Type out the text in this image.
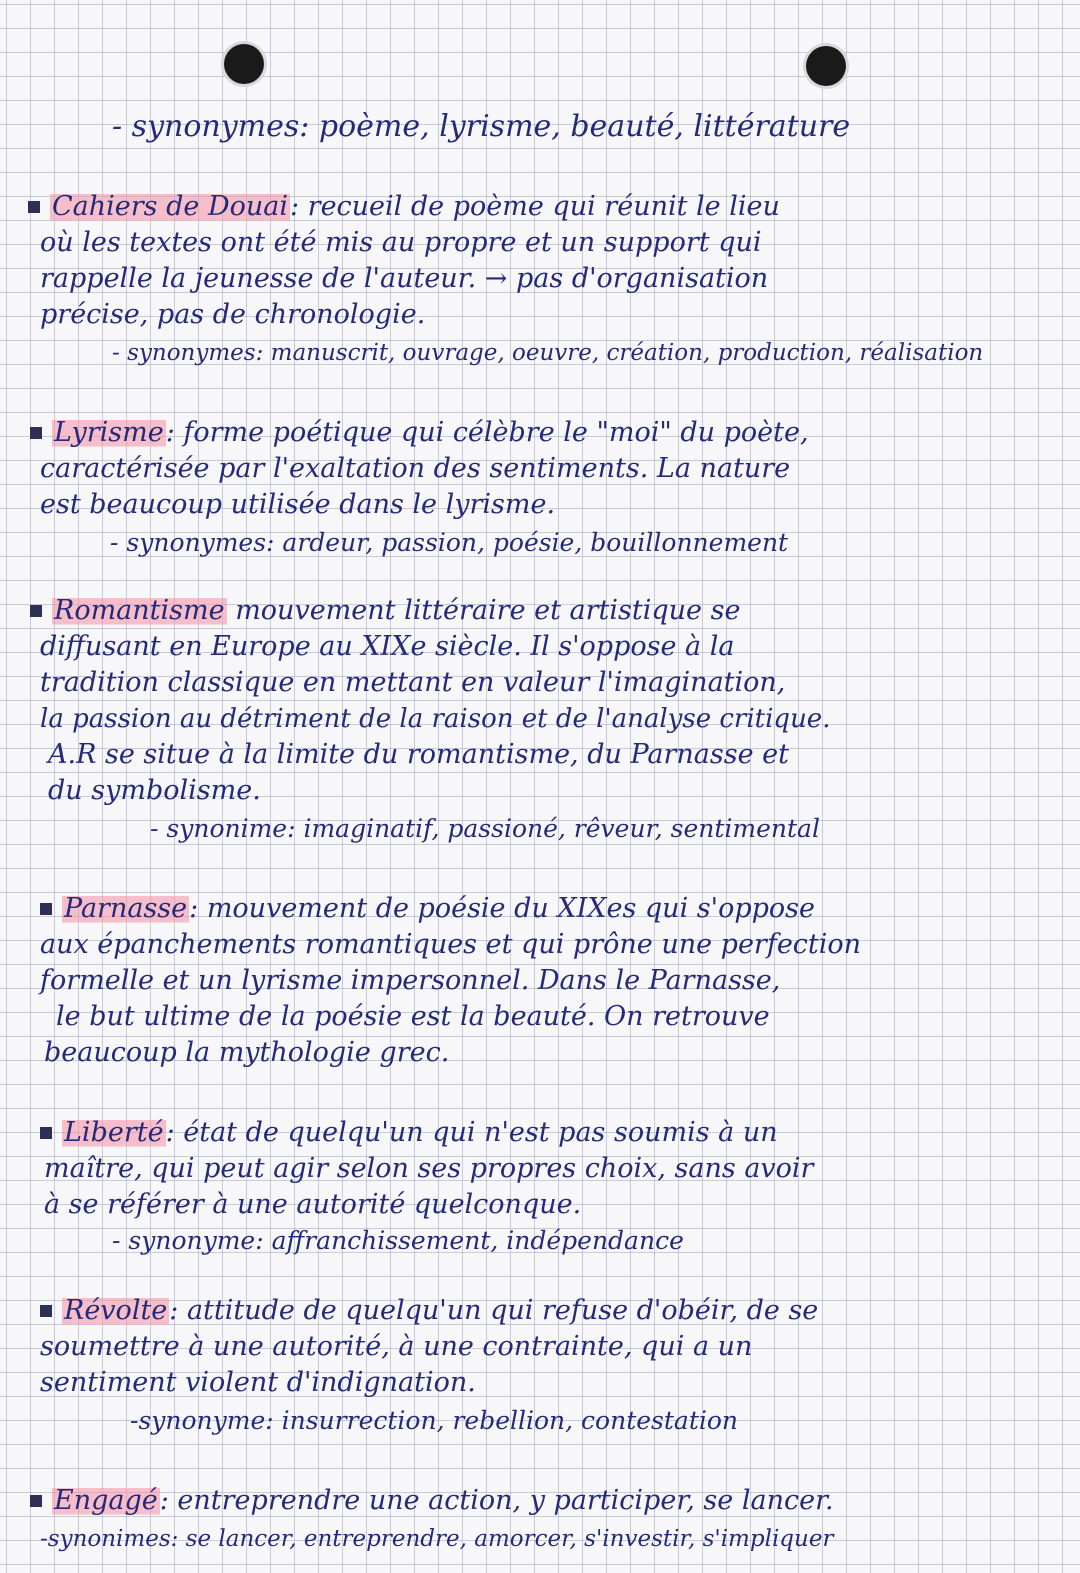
- synonymes: poème, lyrisme, beauté, littérature
Cahiers de Douai: recueil de poème qui réunit le lieu
où les textes ont été mis au propre et un support qui
rappelle la jeunesse de l'auteur. → pas d'organisation
précise, pas de chronologie.
- synonymes: manuscrit, ouvrage, oeuvre, création, production, réalisation
Lyrisme: forme poétique qui célèbre le "moi" du poète,
caractérisée par l'exaltation des sentiments. La nature
est beaucoup utilisée dans le lyrisme.
- synonymes: ardeur, passion, poésie, bouillonnement
Romantisme mouvement littéraire et artistique se
diffusant en Europe au XIXe siècle. Il s'oppose à la
tradition classique en mettant en valeur l'imagination,
la passion au détriment de la raison et de l'analyse critique.
A.R se situe à la limite du romantisme, du Parnasse et
du symbolisme.
- synonime: imaginatif, passioné, rêveur, sentimental
Parnasse: mouvement de poésie du XIXes qui s'oppose
aux épanchements romantiques et qui prône une perfection
formelle et un lyrisme impersonnel. Dans le Parnasse,
le but ultime de la poésie est la beauté. On retrouve
beaucoup la mythologie grec.
Liberté: état de quelqu'un qui n'est pas soumis à un
maître, qui peut agir selon ses propres choix, sans avoir
à se référer à une autorité quelconque.
- synonyme: affranchissement, indépendance
Révolte: attitude de quelqu'un qui refuse d'obéir, de se
soumettre à une autorité, à une contrainte, qui a un
sentiment violent d'indignation.
-synonyme: insurrection, rebellion, contestation
Engagé: entreprendre une action, y participer, se lancer.
-synonimes: se lancer, entreprendre, amorcer, s'investir, s'impliquer
